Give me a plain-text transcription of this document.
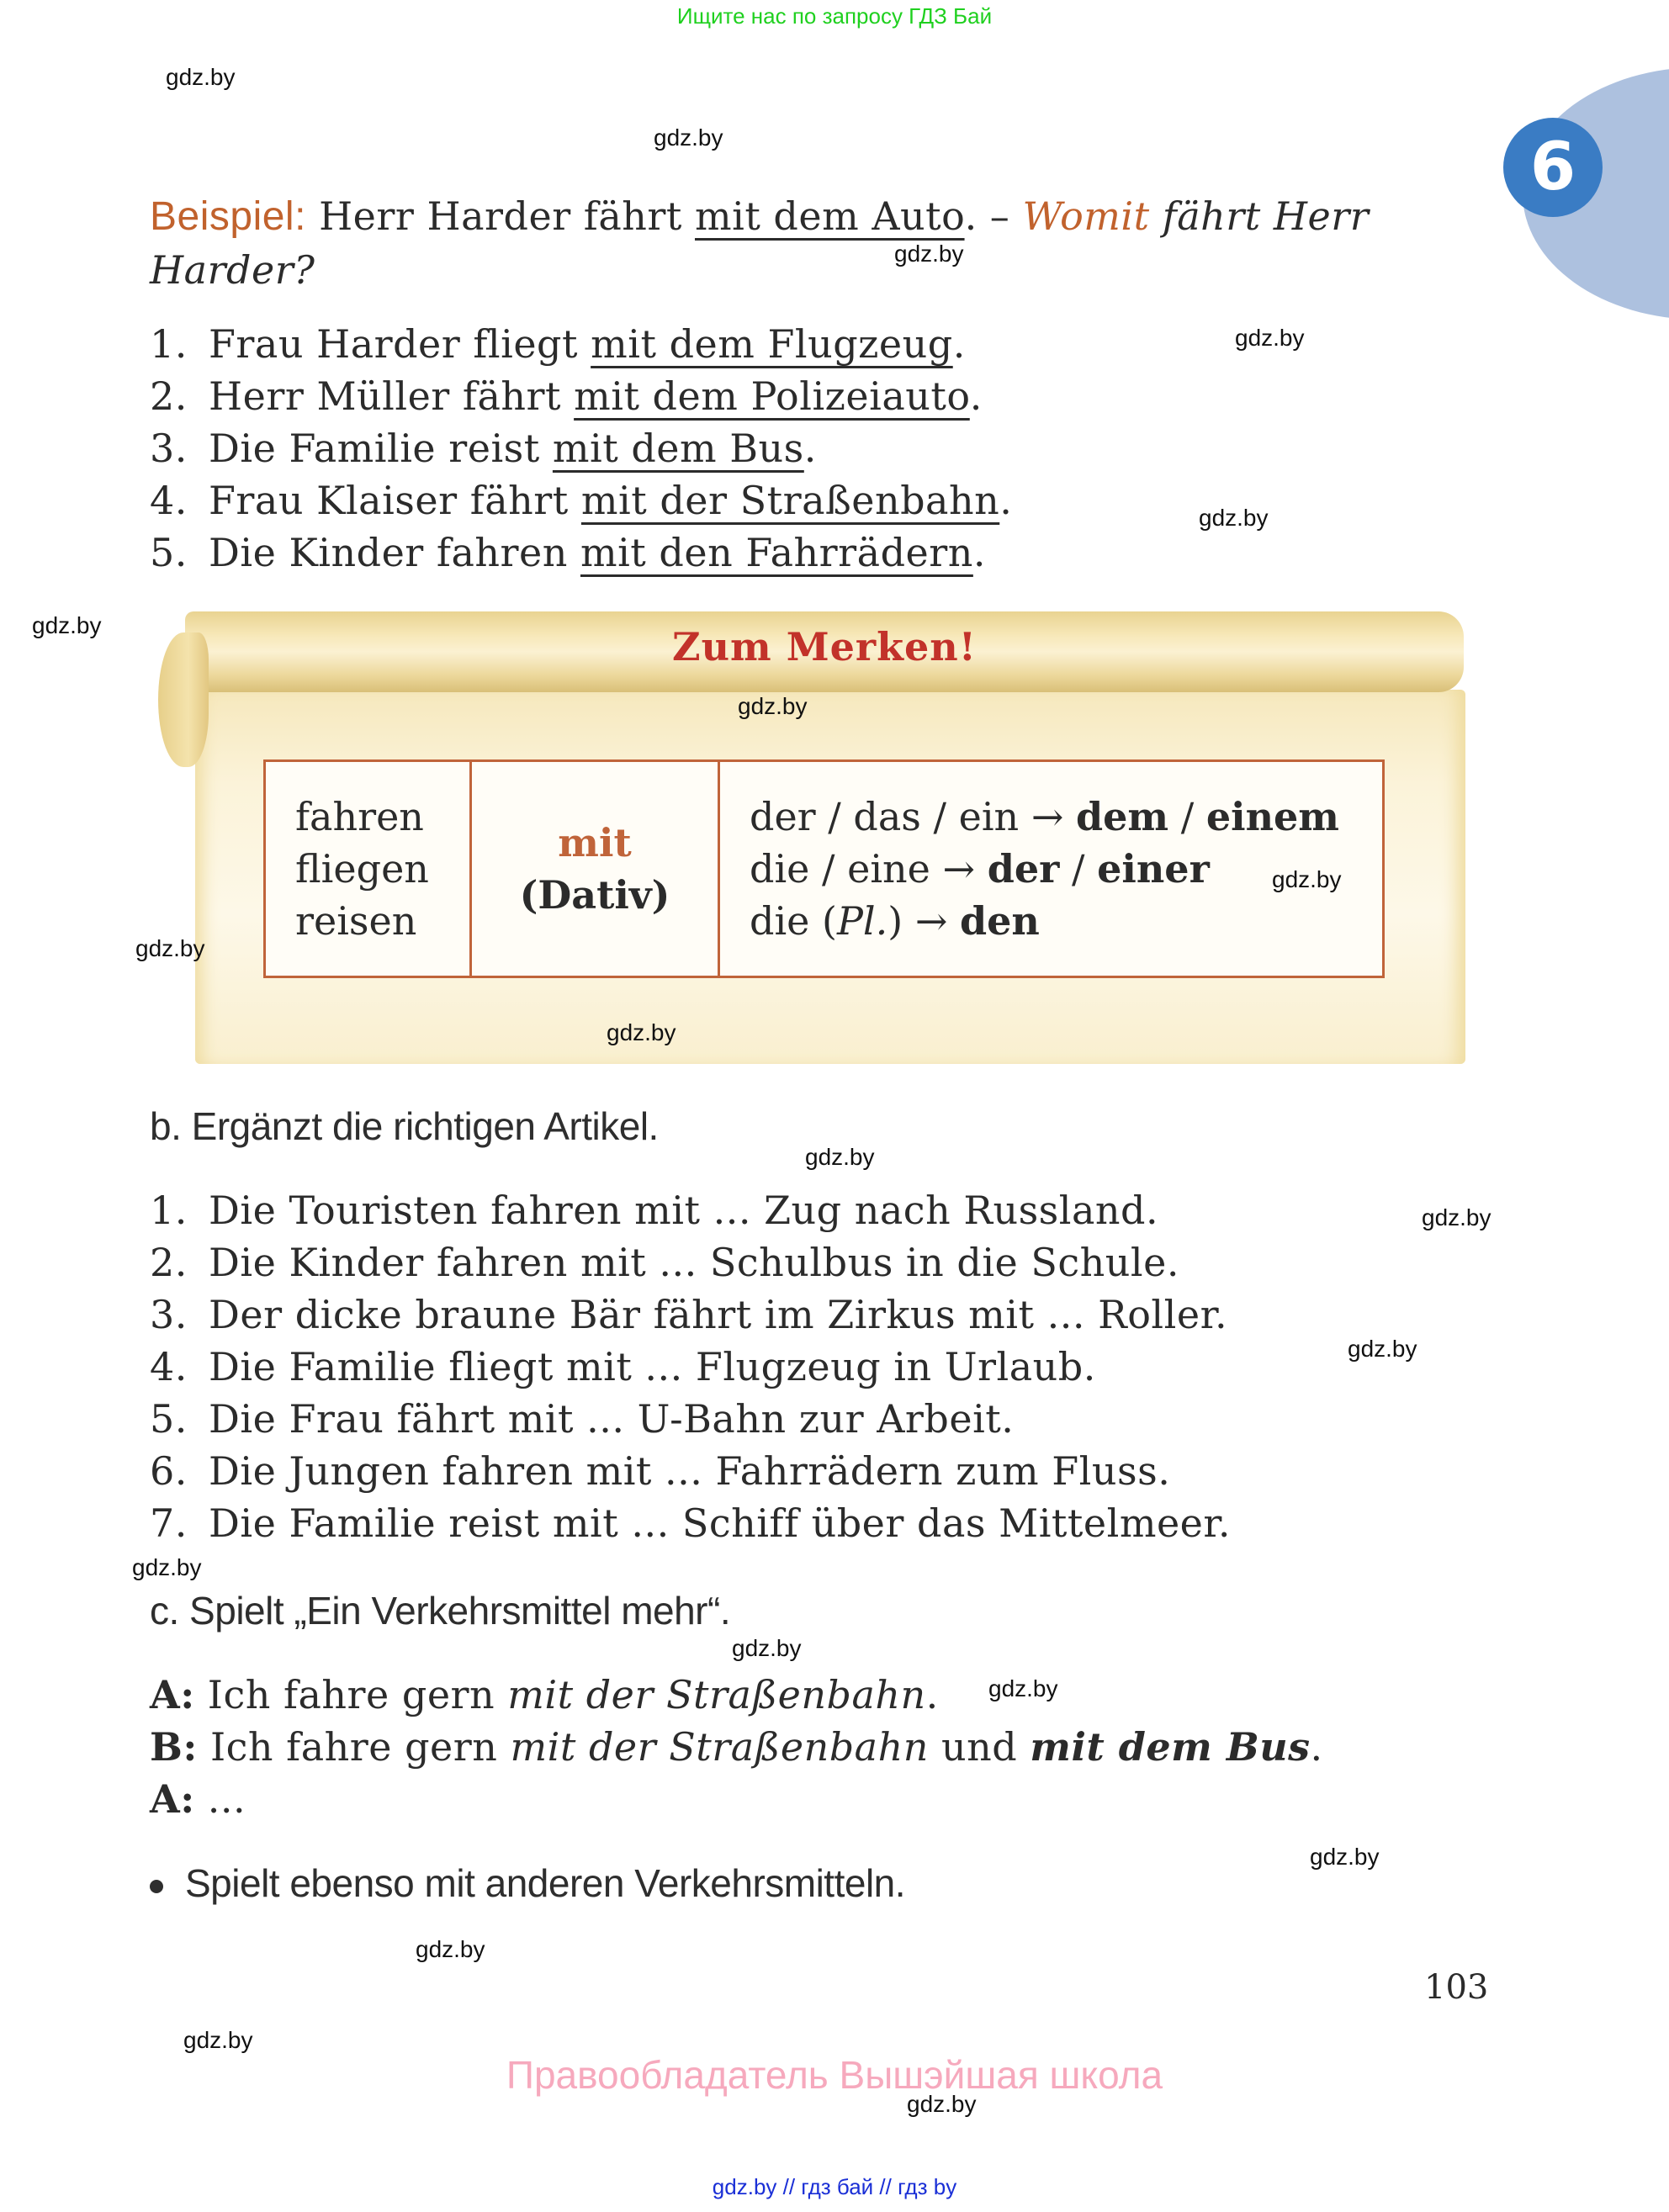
Ищите нас по запросу ГДЗ Бай
6
Beispiel: Herr Harder fährt mit dem Auto. – Womit fährt Herr
Harder?
1. Frau Harder fliegt mit dem Flugzeug.
2. Herr Müller fährt mit dem Polizeiauto.
3. Die Familie reist mit dem Bus.
4. Frau Klaiser fährt mit der Straßenbahn.
5. Die Kinder fahren mit den Fahrrädern.
Zum Merken!
fahren
fliegen
reisen
mit
(Dativ)
der / das / ein → dem / einem
die / eine → der / einer
die (Pl.) → den
b. Ergänzt die richtigen Artikel.
1. Die Touristen fahren mit ... Zug nach Russland.
2. Die Kinder fahren mit ... Schulbus in die Schule.
3. Der dicke braune Bär fährt im Zirkus mit ... Roller.
4. Die Familie fliegt mit ... Flugzeug in Urlaub.
5. Die Frau fährt mit ... U-Bahn zur Arbeit.
6. Die Jungen fahren mit ... Fahrrädern zum Fluss.
7. Die Familie reist mit ... Schiff über das Mittelmeer.
c. Spielt „Ein Verkehrsmittel mehr“.
A: Ich fahre gern mit der Straßenbahn.
B: Ich fahre gern mit der Straßenbahn und mit dem Bus.
A: ...
Spielt ebenso mit anderen Verkehrsmitteln.
103
Правообладатель Вышэйшая школа
gdz.by // гдз бай // гдз by
gdz.by
gdz.by
gdz.by
gdz.by
gdz.by
gdz.by
gdz.by
gdz.by
gdz.by
gdz.by
gdz.by
gdz.by
gdz.by
gdz.by
gdz.by
gdz.by
gdz.by
gdz.by
gdz.by
gdz.by
